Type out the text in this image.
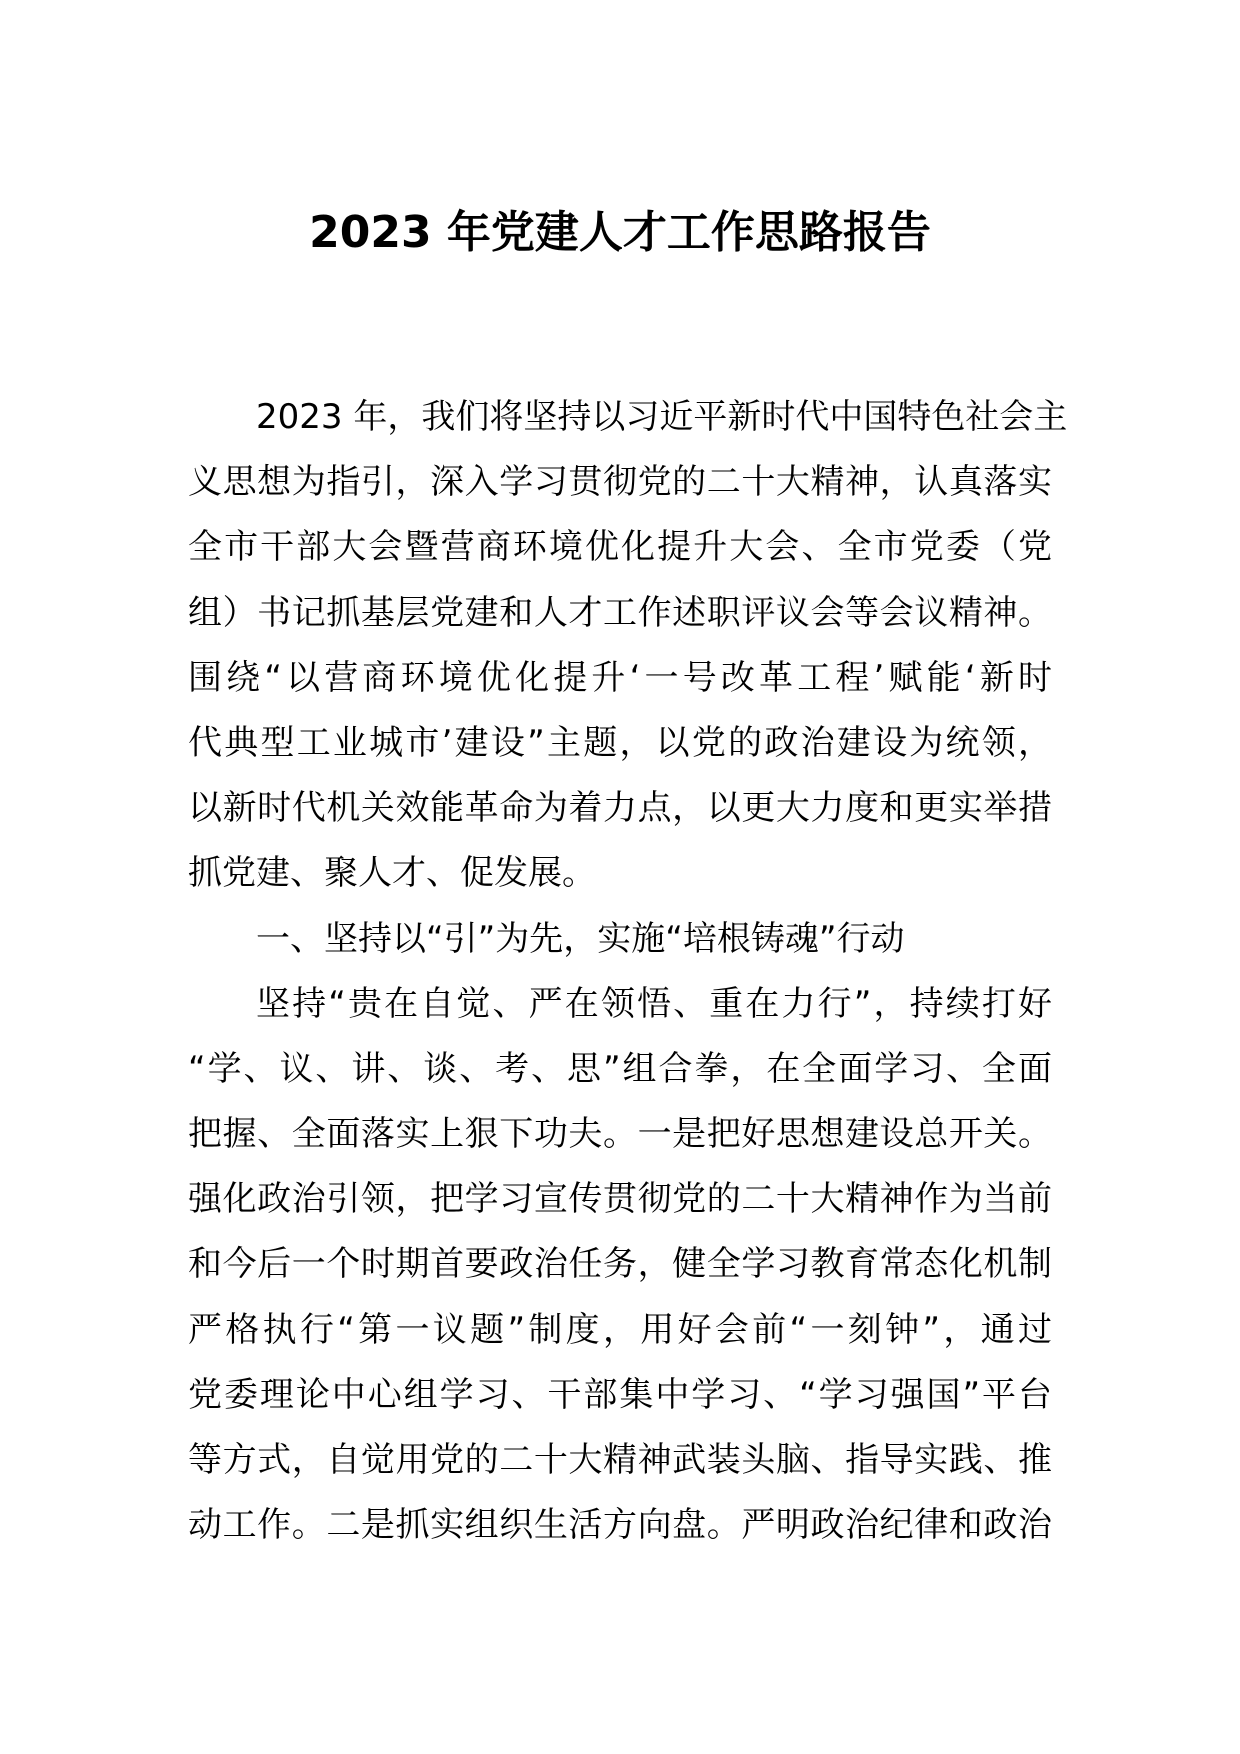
2023 年党建人才工作思路报告
2023 年，我们将坚持以习近平新时代中国特色社会主
义思想为指引，深入学习贯彻党的二十大精神，认真落实
全市干部大会暨营商环境优化提升大会、全市党委（党
组）书记抓基层党建和人才工作述职评议会等会议精神。
围绕“以营商环境优化提升‘一号改革工程’赋能‘新时
代典型工业城市’建设”主题，以党的政治建设为统领，
以新时代机关效能革命为着力点，以更大力度和更实举措
抓党建、聚人才、促发展。
一、坚持以“引”为先，实施“培根铸魂”行动
坚持“贵在自觉、严在领悟、重在力行”，持续打好
“学、议、讲、谈、考、思”组合拳，在全面学习、全面
把握、全面落实上狠下功夫。一是把好思想建设总开关。
强化政治引领，把学习宣传贯彻党的二十大精神作为当前
和今后一个时期首要政治任务，健全学习教育常态化机制
严格执行“第一议题”制度，用好会前“一刻钟”，通过
党委理论中心组学习、干部集中学习、“学习强国”平台
等方式，自觉用党的二十大精神武装头脑、指导实践、推
动工作。二是抓实组织生活方向盘。严明政治纪律和政治
